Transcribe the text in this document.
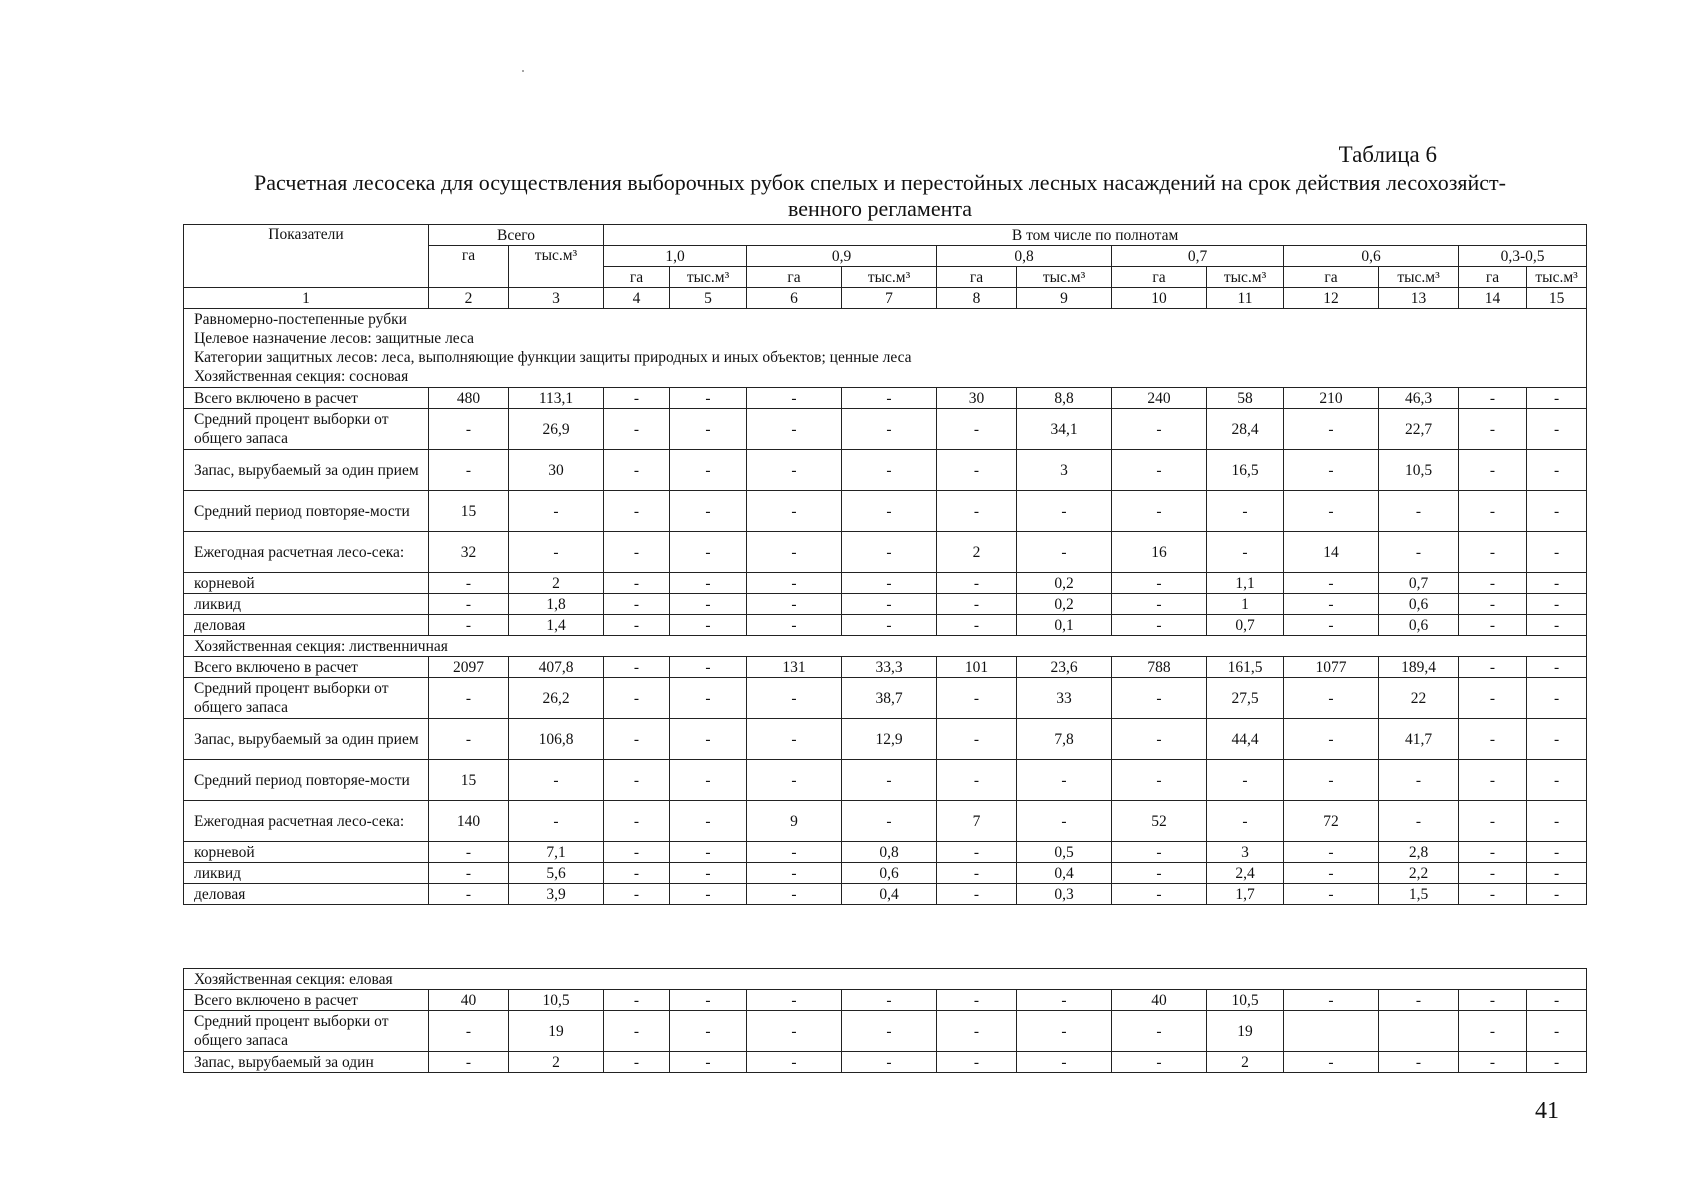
Таблица 6
Расчетная лесосека для осуществления выборочных рубок спелых и перестойных лесных насаждений на срок действия лесохозяйст-
венного регламента
Показатели	Всего		В том числе по полнотам											
	га	тыс.м³	1,0		0,9		0,8		0,7		0,6		0,3-0,5	
			га	тыс.м³	га	тыс.м³	га	тыс.м³	га	тыс.м³	га	тыс.м³	га	тыс.м³
1	2	3	4	5	6	7	8	9	10	11	12	13	14	15

Равномерно-постепенные рубки
Целевое назначение лесов: защитные леса
Категории защитных лесов: леса, выполняющие функции защиты природных и иных объектов; ценные леса
Хозяйственная секция: сосновая														

Всего включено в расчет	480	113,1	-	-	-	-	30	8,8	240	58	210	46,3	-	-
Средний процент выборки от общего запаса	-	26,9	-	-	-	-	-	34,1	-	28,4	-	22,7	-	-
Запас, вырубаемый за один прием	-	30	-	-	-	-	-	3	-	16,5	-	10,5	-	-
Средний период повторяе-мости	15	-	-	-	-	-	-	-	-	-	-	-	-	-
Ежегодная расчетная лесо-сека:	32	-	-	-	-	-	2	-	16	-	14	-	-	-
корневой	-	2	-	-	-	-	-	0,2	-	1,1	-	0,7	-	-
ликвид	-	1,8	-	-	-	-	-	0,2	-	1	-	0,6	-	-
деловая	-	1,4	-	-	-	-	-	0,1	-	0,7	-	0,6	-	-
Хозяйственная секция: лиственничная														
Всего включено в расчет	2097	407,8	-	-	131	33,3	101	23,6	788	161,5	1077	189,4	-	-
Средний процент выборки от общего запаса	-	26,2	-	-	-	38,7	-	33	-	27,5	-	22	-	-
Запас, вырубаемый за один прием	-	106,8	-	-	-	12,9	-	7,8	-	44,4	-	41,7	-	-
Средний период повторяе-мости	15	-	-	-	-	-	-	-	-	-	-	-	-	-
Ежегодная расчетная лесо-сека:	140	-	-	-	9	-	7	-	52	-	72	-	-	-
корневой	-	7,1	-	-	-	0,8	-	0,5	-	3	-	2,8	-	-
ликвид	-	5,6	-	-	-	0,6	-	0,4	-	2,4	-	2,2	-	-
деловая	-	3,9	-	-	-	0,4	-	0,3	-	1,7	-	1,5	-	-
Хозяйственная секция: еловая														
Всего включено в расчет	40	10,5	-	-	-	-	-	-	40	10,5	-	-	-	-
Средний процент выборки от общего запаса	-	19	-	-	-	-	-	-	-	19			-	-
Запас, вырубаемый за один	-	2	-	-	-	-	-	-	-	2	-	-	-	-
41
